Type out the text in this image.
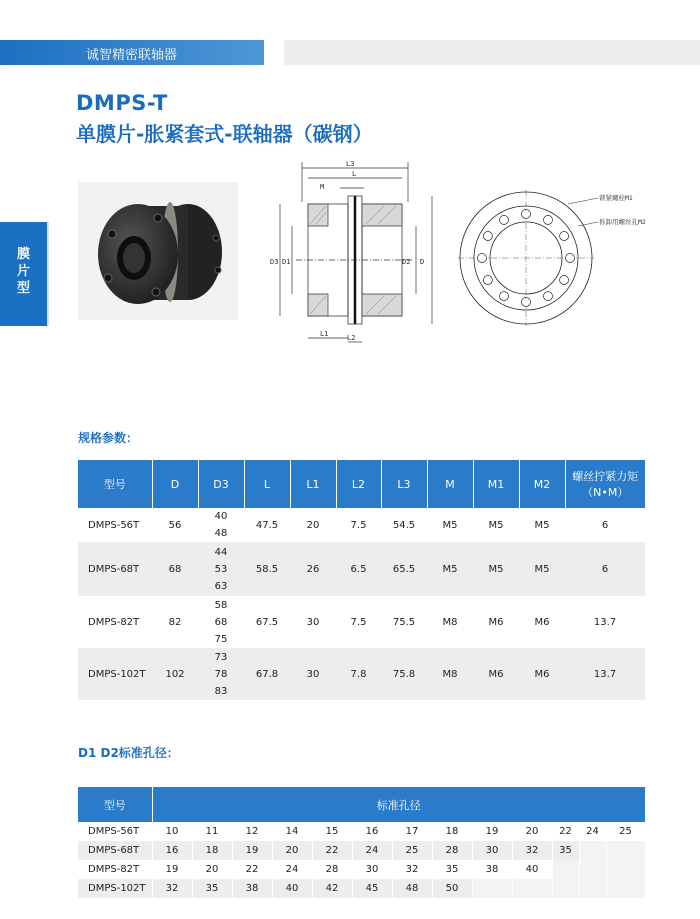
诚智精密联轴器
DMPS-T
单膜片-胀紧套式-联轴器（碳钢）
膜
片
型
L3
L
M
D3 D1	D2 D
L1	L2
锁紧螺栓M1
拆卸用螺丝孔M2
规格参数：
型号	D	D3	L	L1	L2	L3	M	M1	M2	螺丝拧紧力矩
（N•M）

DMPS-56T	56	40
48	47.5	20	7.5	54.5	M5	M5	M5	6
DMPS-68T	68	44
53
63	58.5	26	6.5	65.5	M5	M5	M5	6
DMPS-82T	82	58
68
75	67.5	30	7.5	75.5	M8	M6	M6	13.7
DMPS-102T	102	73
78
83	67.8	30	7.8	75.8	M8	M6	M6	13.7
D1 D2标准孔径：
型号	标准孔径												
DMPS-56T	10	11	12	14	15	16	17	18	19	20	22	24	25
DMPS-68T	16	18	19	20	22	24	25	28	30	32	35		
DMPS-82T	19	20	22	24	28	30	32	35	38	40			
DMPS-102T	32	35	38	40	42	45	48	50					
